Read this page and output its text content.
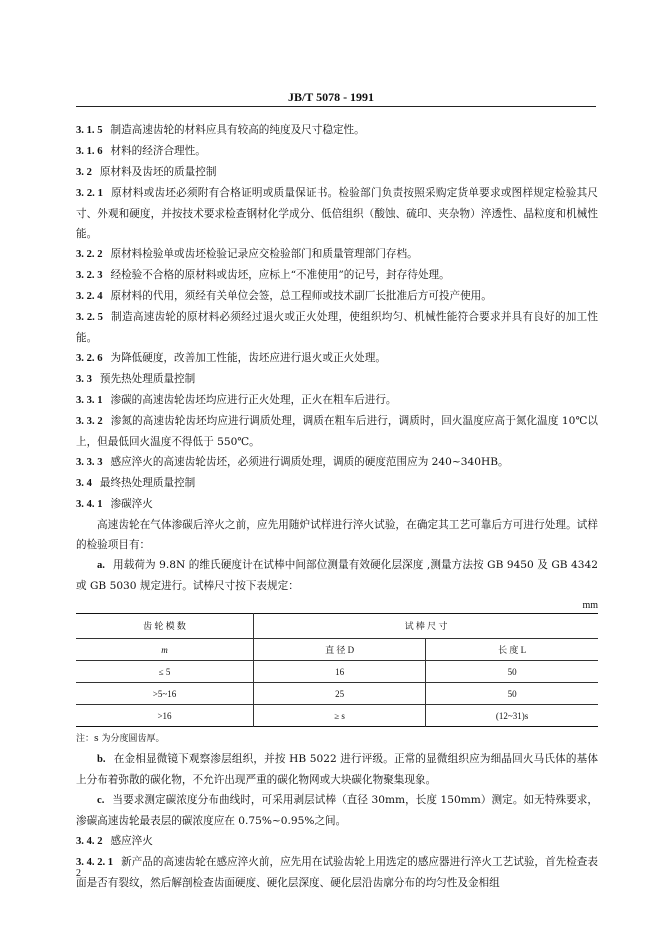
JB/T 5078 - 1991

3. 1. 5 制造高速齿轮的材料应具有较高的纯度及尺寸稳定性。

3. 1. 6 材料的经济合理性。

3. 2 原材料及齿坯的质量控制

3. 2. 1 原材料或齿坯必须附有合格证明或质量保证书。检验部门负责按照采购定货单要求或图样规定检验其尺寸、外观和硬度，并按技术要求检查钢材化学成分、低倍组织（酸蚀、硫印、夹杂物）淬透性、晶粒度和机械性能。

3. 2. 2 原材料检验单或齿坯检验记录应交检验部门和质量管理部门存档。

3. 2. 3 经检验不合格的原材料或齿坯，应标上“不准使用”的记号，封存待处理。

3. 2. 4 原材料的代用，须经有关单位会签，总工程师或技术副厂长批准后方可投产使用。

3. 2. 5 制造高速齿轮的原材料必须经过退火或正火处理，使组织均匀、机械性能符合要求并具有良好的加工性能。

3. 2. 6 为降低硬度，改善加工性能，齿坯应进行退火或正火处理。

3. 3 预先热处理质量控制

3. 3. 1 渗碳的高速齿轮齿坯均应进行正火处理，正火在粗车后进行。

3. 3. 2 渗氮的高速齿轮齿坯均应进行调质处理，调质在粗车后进行，调质时，回火温度应高于氮化温度 10℃以上，但最低回火温度不得低于 550℃。

3. 3. 3 感应淬火的高速齿轮齿坯，必须进行调质处理，调质的硬度范围应为 240~340HB。

3. 4 最终热处理质量控制

3. 4. 1 渗碳淬火

高速齿轮在气体渗碳后淬火之前，应先用随炉试样进行淬火试验，在确定其工艺可靠后方可进行处理。试样的检验项目有：

a. 用载荷为 9.8N 的维氏硬度计在试棒中间部位测量有效硬化层深度 ,测量方法按 GB 9450 及 GB 4342 或 GB 5030 规定进行。试棒尺寸按下表规定：

mm
齿 轮 模 数	试 棒 尺 寸	
m	直 径 D	长 度 L
≤ 5	16	50
>5~16	25	50
>16	≥ s	(12~31)s
注：s 为分度圆齿厚。

b. 在金相显微镜下观察渗层组织，并按 HB 5022 进行评级。正常的显微组织应为细晶回火马氏体的基体上分布着弥散的碳化物，不允许出现严重的碳化物网或大块碳化物聚集现象。

c. 当要求测定碳浓度分布曲线时，可采用剥层试棒（直径 30mm，长度 150mm）测定。如无特殊要求，渗碳高速齿轮最表层的碳浓度应在 0.75%~0.95%之间。

3. 4. 2 感应淬火

3. 4. 2. 1 新产品的高速齿轮在感应淬火前，应先用在试验齿轮上用选定的感应器进行淬火工艺试验，首先检查表面是否有裂纹，然后解剖检查齿面硬度、硬化层深度、硬化层沿齿廓分布的均匀性及金相组

2
